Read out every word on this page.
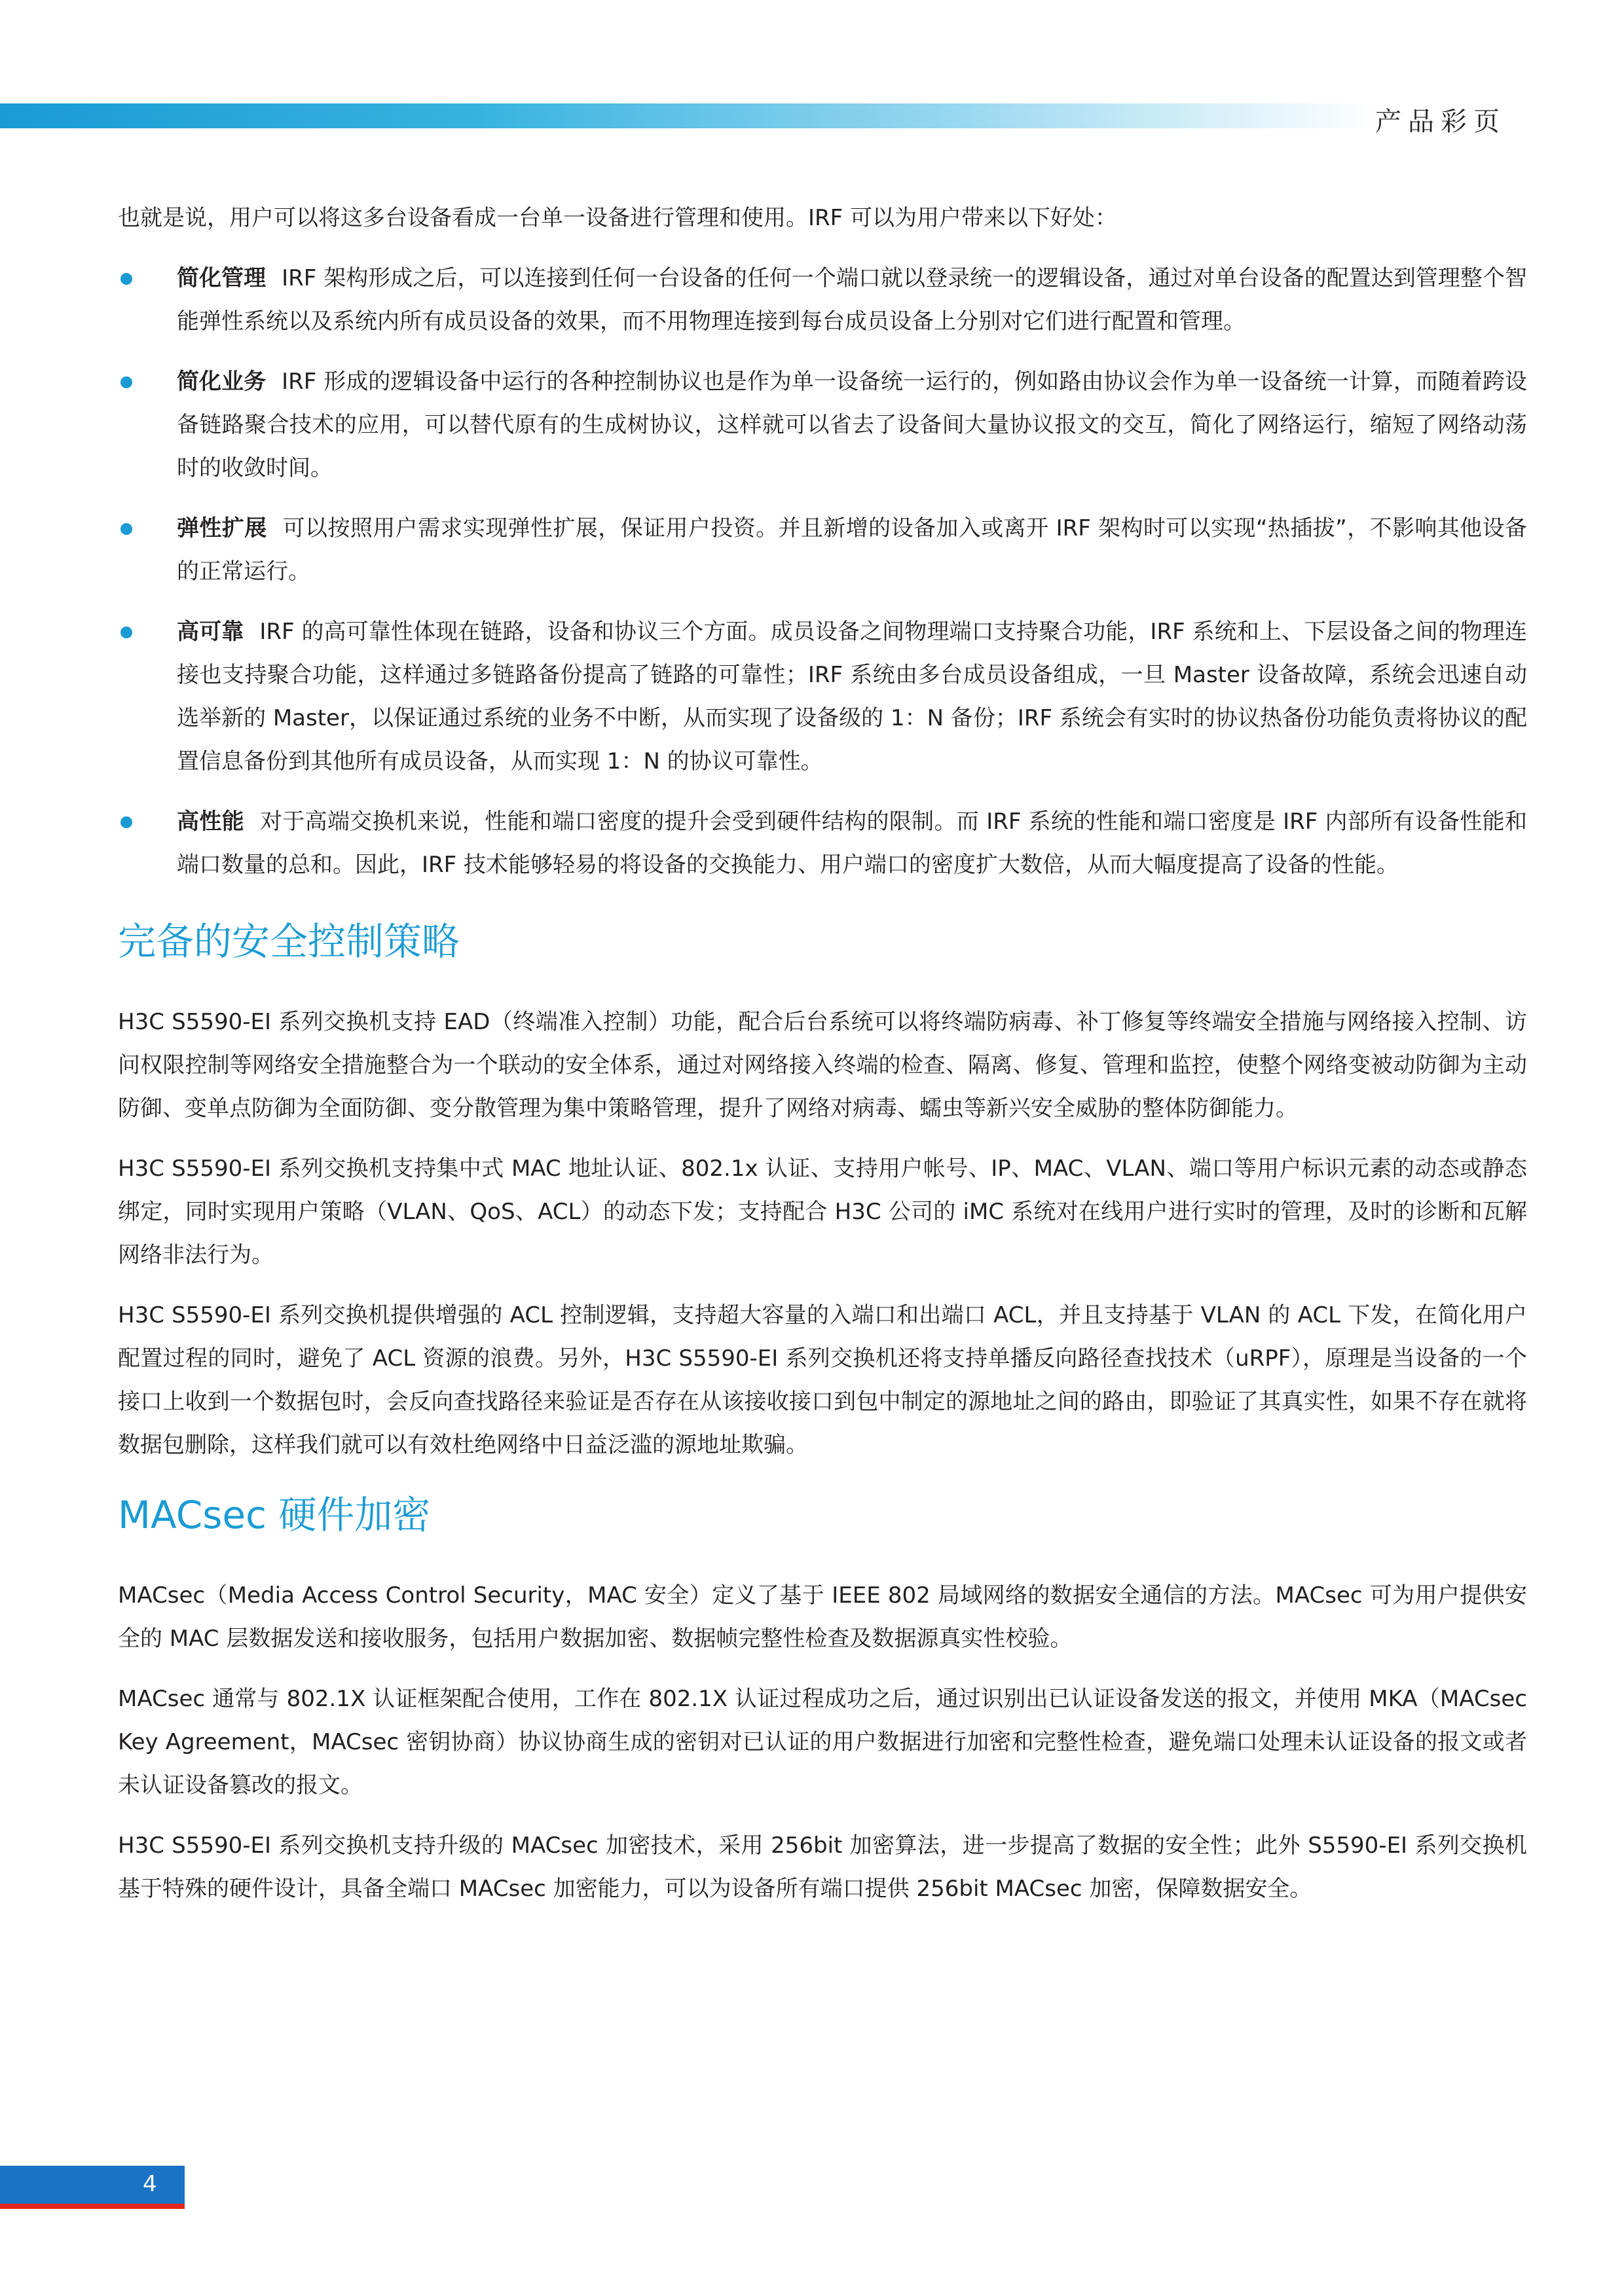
产品彩页

也就是说，用户可以将这多台设备看成一台单一设备进行管理和使用。IRF 可以为用户带来以下好处：

简化管理 IRF 架构形成之后，可以连接到任何一台设备的任何一个端口就以登录统一的逻辑设备，通过对单台设备的配置达到管理整个智能弹性系统以及系统内所有成员设备的效果，而不用物理连接到每台成员设备上分别对它们进行配置和管理。

简化业务 IRF 形成的逻辑设备中运行的各种控制协议也是作为单一设备统一运行的，例如路由协议会作为单一设备统一计算，而随着跨设备链路聚合技术的应用，可以替代原有的生成树协议，这样就可以省去了设备间大量协议报文的交互，简化了网络运行，缩短了网络动荡时的收敛时间。

弹性扩展 可以按照用户需求实现弹性扩展，保证用户投资。并且新增的设备加入或离开 IRF 架构时可以实现“热插拔”，不影响其他设备的正常运行。

高可靠 IRF 的高可靠性体现在链路，设备和协议三个方面。成员设备之间物理端口支持聚合功能，IRF 系统和上、下层设备之间的物理连接也支持聚合功能，这样通过多链路备份提高了链路的可靠性；IRF 系统由多台成员设备组成，一旦 Master 设备故障，系统会迅速自动选举新的 Master，以保证通过系统的业务不中断，从而实现了设备级的 1：N 备份；IRF 系统会有实时的协议热备份功能负责将协议的配置信息备份到其他所有成员设备，从而实现 1：N 的协议可靠性。

高性能 对于高端交换机来说，性能和端口密度的提升会受到硬件结构的限制。而 IRF 系统的性能和端口密度是 IRF 内部所有设备性能和端口数量的总和。因此，IRF 技术能够轻易的将设备的交换能力、用户端口的密度扩大数倍，从而大幅度提高了设备的性能。

完备的安全控制策略

H3C S5590-EI 系列交换机支持 EAD（终端准入控制）功能，配合后台系统可以将终端防病毒、补丁修复等终端安全措施与网络接入控制、访问权限控制等网络安全措施整合为一个联动的安全体系，通过对网络接入终端的检查、隔离、修复、管理和监控，使整个网络变被动防御为主动防御、变单点防御为全面防御、变分散管理为集中策略管理，提升了网络对病毒、蠕虫等新兴安全威胁的整体防御能力。

H3C S5590-EI 系列交换机支持集中式 MAC 地址认证、802.1x 认证、支持用户帐号、IP、MAC、VLAN、端口等用户标识元素的动态或静态绑定，同时实现用户策略（VLAN、QoS、ACL）的动态下发；支持配合 H3C 公司的 iMC 系统对在线用户进行实时的管理，及时的诊断和瓦解网络非法行为。

H3C S5590-EI 系列交换机提供增强的 ACL 控制逻辑，支持超大容量的入端口和出端口 ACL，并且支持基于 VLAN 的 ACL 下发，在简化用户配置过程的同时，避免了 ACL 资源的浪费。另外，H3C S5590-EI 系列交换机还将支持单播反向路径查找技术（uRPF），原理是当设备的一个接口上收到一个数据包时，会反向查找路径来验证是否存在从该接收接口到包中制定的源地址之间的路由，即验证了其真实性，如果不存在就将数据包删除，这样我们就可以有效杜绝网络中日益泛滥的源地址欺骗。

MACsec 硬件加密

MACsec（Media Access Control Security，MAC 安全）定义了基于 IEEE 802 局域网络的数据安全通信的方法。MACsec 可为用户提供安全的 MAC 层数据发送和接收服务，包括用户数据加密、数据帧完整性检查及数据源真实性校验。

MACsec 通常与 802.1X 认证框架配合使用，工作在 802.1X 认证过程成功之后，通过识别出已认证设备发送的报文，并使用 MKA（MACsec Key Agreement，MACsec 密钥协商）协议协商生成的密钥对已认证的用户数据进行加密和完整性检查，避免端口处理未认证设备的报文或者未认证设备篡改的报文。

H3C S5590-EI 系列交换机支持升级的 MACsec 加密技术，采用 256bit 加密算法，进一步提高了数据的安全性；此外 S5590-EI 系列交换机基于特殊的硬件设计，具备全端口 MACsec 加密能力，可以为设备所有端口提供 256bit MACsec 加密，保障数据安全。

4
